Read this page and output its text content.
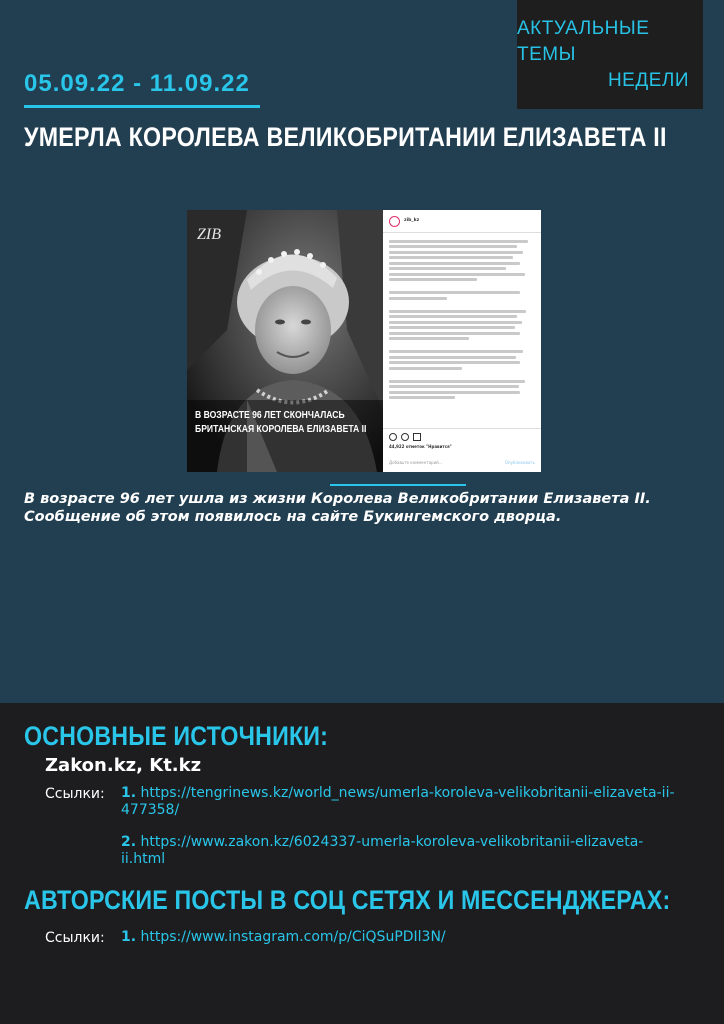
АКТУАЛЬНЫЕ ТЕМЫ
НЕДЕЛИ
05.09.22 - 11.09.22
УМЕРЛА КОРОЛЕВА ВЕЛИКОБРИТАНИИ ЕЛИЗАВЕТА II
ZIB
В ВОЗРАСТЕ 96 ЛЕТ СКОНЧАЛАСЬ
БРИТАНСКАЯ КОРОЛЕВА ЕЛИЗАВЕТА II
zib_kz
44,922 отметок "Нравится"
Добавьте комментарий...	Опубликовать
В возрасте 96 лет ушла из жизни Королева Великобритании Елизавета II.
Сообщение об этом появилось на сайте Букингемского дворца.
ОСНОВНЫЕ ИСТОЧНИКИ:
Zakon.kz, Kt.kz
Ссылки: 1. https://tengrinews.kz/world_news/umerla-koroleva-velikobritanii-elizaveta-ii-477358/
2. https://www.zakon.kz/6024337-umerla-koroleva-velikobritanii-elizaveta-ii.html
АВТОРСКИЕ ПОСТЫ В СОЦ СЕТЯХ И МЕССЕНДЖЕРАХ:
Ссылки: 1. https://www.instagram.com/p/CiQSuPDIl3N/
